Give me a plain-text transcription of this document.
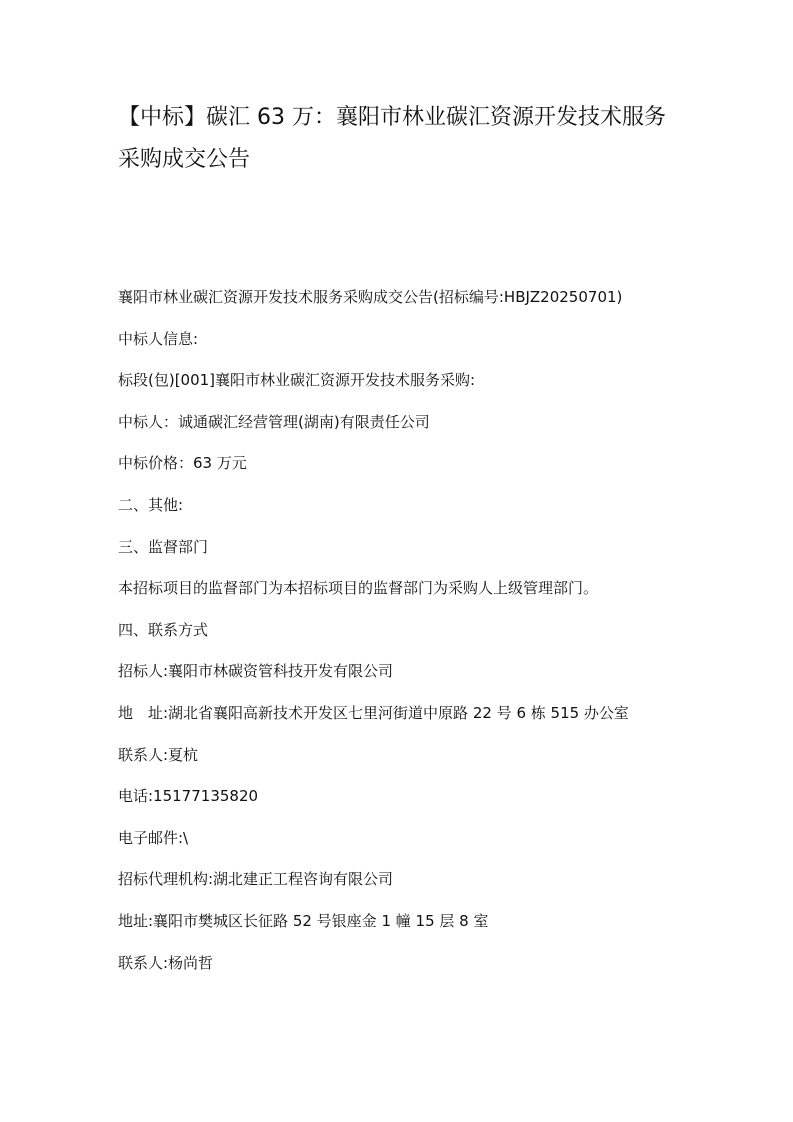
【中标】碳汇 63 万：襄阳市林业碳汇资源开发技术服务采购成交公告

襄阳市林业碳汇资源开发技术服务采购成交公告(招标编号:HBJZ20250701)

中标人信息:

标段(包)[001]襄阳市林业碳汇资源开发技术服务采购:

中标人：诚通碳汇经营管理(湖南)有限责任公司

中标价格：63 万元

二、其他:

三、监督部门

本招标项目的监督部门为本招标项目的监督部门为采购人上级管理部门。

四、联系方式

招标人:襄阳市林碳资管科技开发有限公司

地　址:湖北省襄阳高新技术开发区七里河街道中原路 22 号 6 栋 515 办公室

联系人:夏杭

电话:15177135820

电子邮件:\

招标代理机构:湖北建正工程咨询有限公司

地址:襄阳市樊城区长征路 52 号银座金 1 幢 15 层 8 室

联系人:杨尚哲
